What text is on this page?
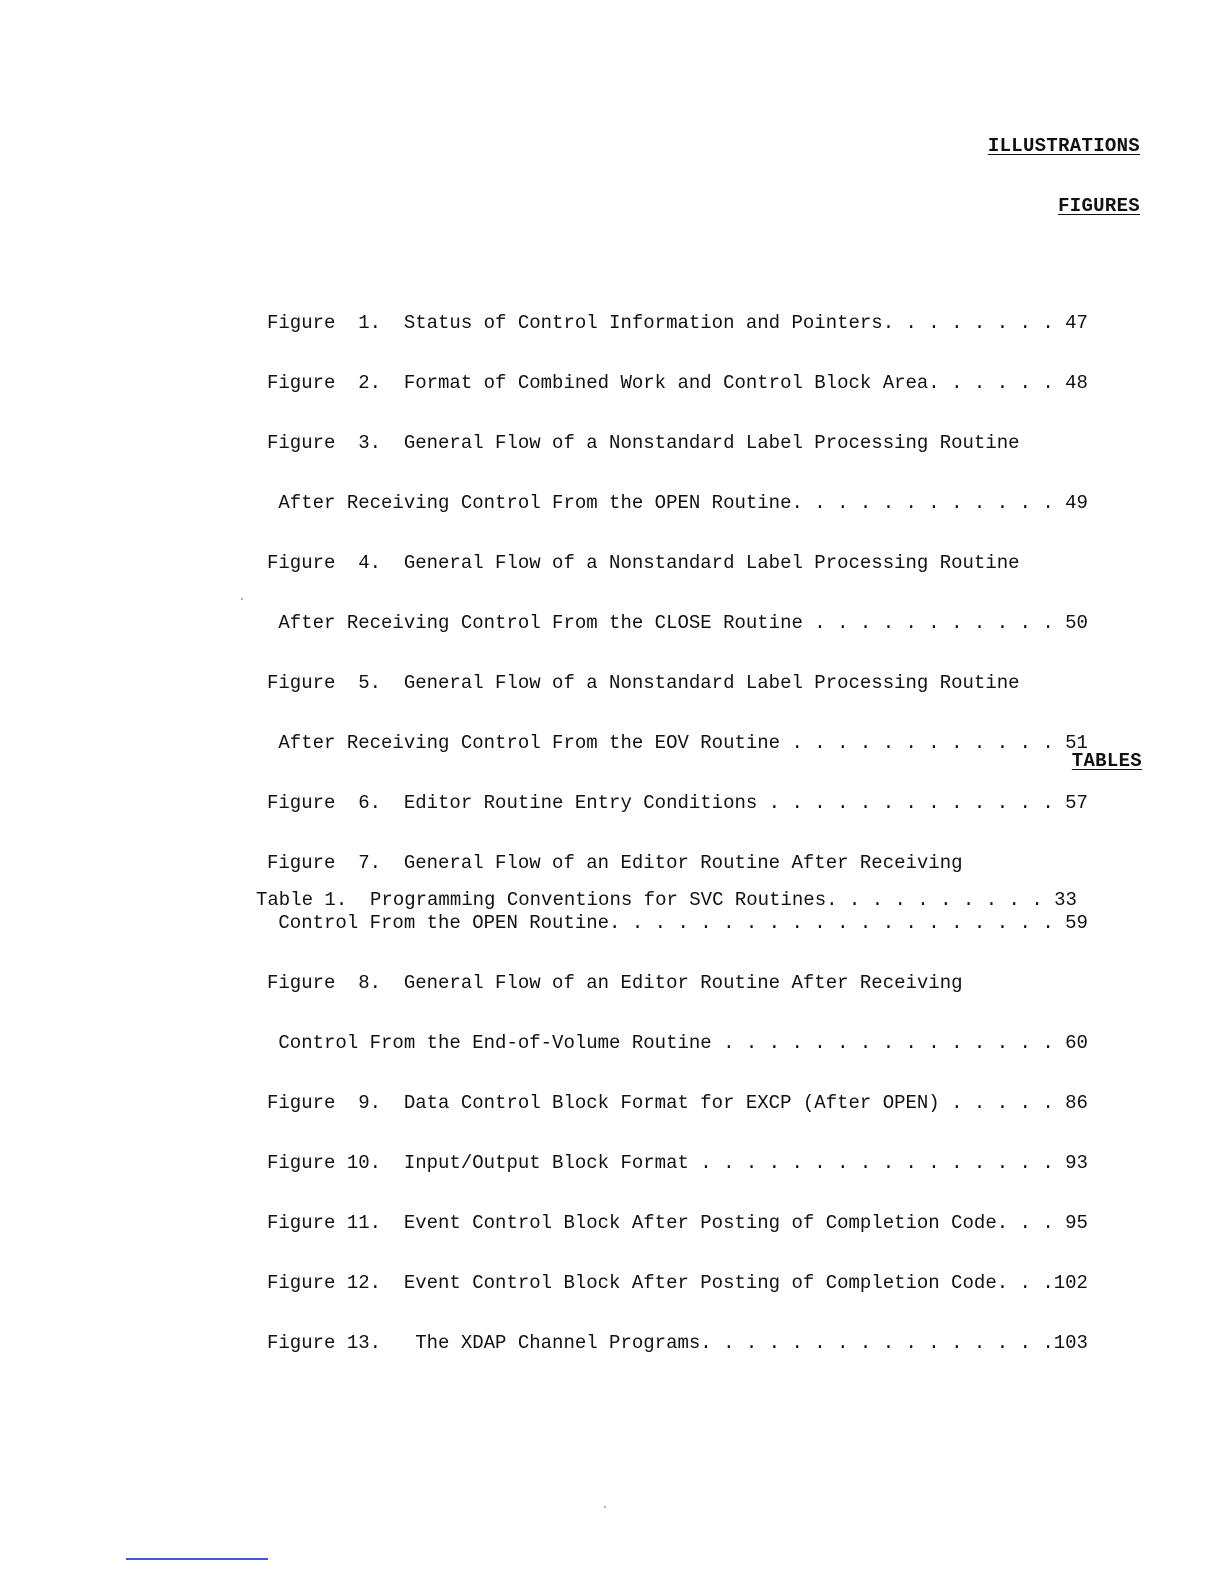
ILLUSTRATIONS
FIGURES

Figure  1.  Status of Control Information and Pointers. . . . . . . . 47

Figure  2.  Format of Combined Work and Control Block Area. . . . . . 48

Figure  3.  General Flow of a Nonstandard Label Processing Routine

After Receiving Control From the OPEN Routine. . . . . . . . . . . . 49

Figure  4.  General Flow of a Nonstandard Label Processing Routine

After Receiving Control From the CLOSE Routine . . . . . . . . . . . 50

Figure  5.  General Flow of a Nonstandard Label Processing Routine

After Receiving Control From the EOV Routine . . . . . . . . . . . . 51

Figure  6.  Editor Routine Entry Conditions . . . . . . . . . . . . . 57

Figure  7.  General Flow of an Editor Routine After Receiving

Control From the OPEN Routine. . . . . . . . . . . . . . . . . . . . 59

Figure  8.  General Flow of an Editor Routine After Receiving

Control From the End-of-Volume Routine . . . . . . . . . . . . . . . 60

Figure  9.  Data Control Block Format for EXCP (After OPEN) . . . . . 86

Figure 10.  Input/Output Block Format . . . . . . . . . . . . . . . . 93

Figure 11.  Event Control Block After Posting of Completion Code. . . 95

Figure 12.  Event Control Block After Posting of Completion Code. . .102

Figure 13.   The XDAP Channel Programs. . . . . . . . . . . . . . . .103

TABLES

Table 1.  Programming Conventions for SVC Routines. . . . . . . . . . 33
